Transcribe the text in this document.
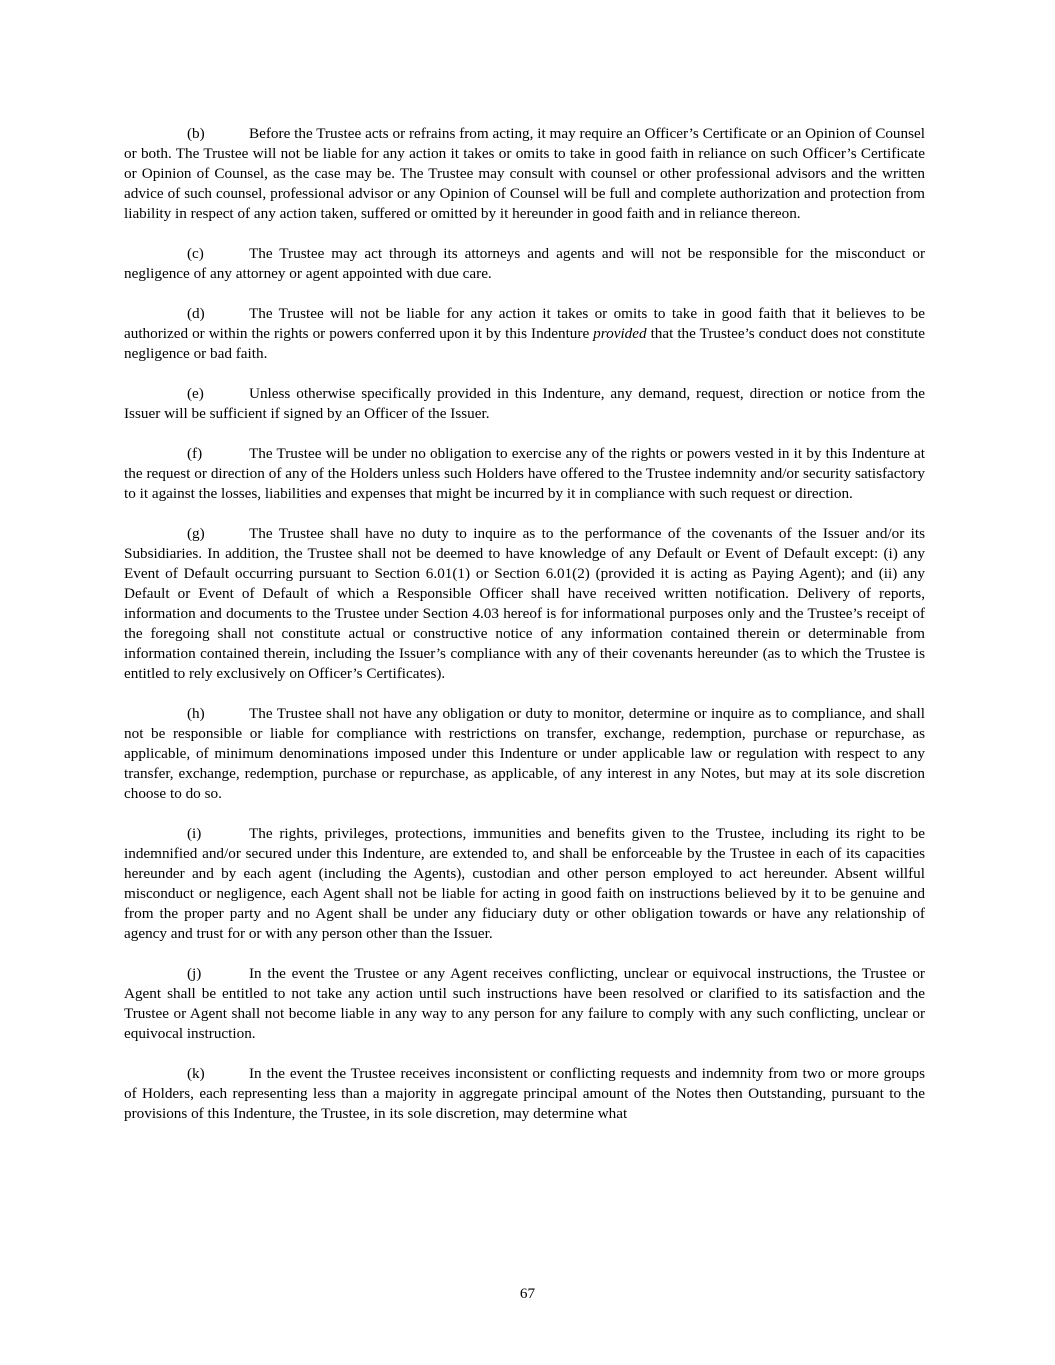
(b)	Before the Trustee acts or refrains from acting, it may require an Officer’s Certificate or an Opinion of Counsel or both. The Trustee will not be liable for any action it takes or omits to take in good faith in reliance on such Officer’s Certificate or Opinion of Counsel, as the case may be. The Trustee may consult with counsel or other professional advisors and the written advice of such counsel, professional advisor or any Opinion of Counsel will be full and complete authorization and protection from liability in respect of any action taken, suffered or omitted by it hereunder in good faith and in reliance thereon.

(c)	The Trustee may act through its attorneys and agents and will not be responsible for the misconduct or negligence of any attorney or agent appointed with due care.

(d)	The Trustee will not be liable for any action it takes or omits to take in good faith that it believes to be authorized or within the rights or powers conferred upon it by this Indenture provided that the Trustee’s conduct does not constitute negligence or bad faith.

(e)	Unless otherwise specifically provided in this Indenture, any demand, request, direction or notice from the Issuer will be sufficient if signed by an Officer of the Issuer.

(f)	The Trustee will be under no obligation to exercise any of the rights or powers vested in it by this Indenture at the request or direction of any of the Holders unless such Holders have offered to the Trustee indemnity and/or security satisfactory to it against the losses, liabilities and expenses that might be incurred by it in compliance with such request or direction.

(g)	The Trustee shall have no duty to inquire as to the performance of the covenants of the Issuer and/or its Subsidiaries. In addition, the Trustee shall not be deemed to have knowledge of any Default or Event of Default except: (i) any Event of Default occurring pursuant to Section 6.01(1) or Section 6.01(2) (provided it is acting as Paying Agent); and (ii) any Default or Event of Default of which a Responsible Officer shall have received written notification. Delivery of reports, information and documents to the Trustee under Section 4.03 hereof is for informational purposes only and the Trustee’s receipt of the foregoing shall not constitute actual or constructive notice of any information contained therein or determinable from information contained therein, including the Issuer’s compliance with any of their covenants hereunder (as to which the Trustee is entitled to rely exclusively on Officer’s Certificates).

(h)	The Trustee shall not have any obligation or duty to monitor, determine or inquire as to compliance, and shall not be responsible or liable for compliance with restrictions on transfer, exchange, redemption, purchase or repurchase, as applicable, of minimum denominations imposed under this Indenture or under applicable law or regulation with respect to any transfer, exchange, redemption, purchase or repurchase, as applicable, of any interest in any Notes, but may at its sole discretion choose to do so.

(i)	The rights, privileges, protections, immunities and benefits given to the Trustee, including its right to be indemnified and/or secured under this Indenture, are extended to, and shall be enforceable by the Trustee in each of its capacities hereunder and by each agent (including the Agents), custodian and other person employed to act hereunder. Absent willful misconduct or negligence, each Agent shall not be liable for acting in good faith on instructions believed by it to be genuine and from the proper party and no Agent shall be under any fiduciary duty or other obligation towards or have any relationship of agency and trust for or with any person other than the Issuer.

(j)	In the event the Trustee or any Agent receives conflicting, unclear or equivocal instructions, the Trustee or Agent shall be entitled to not take any action until such instructions have been resolved or clarified to its satisfaction and the Trustee or Agent shall not become liable in any way to any person for any failure to comply with any such conflicting, unclear or equivocal instruction.

(k)	In the event the Trustee receives inconsistent or conflicting requests and indemnity from two or more groups of Holders, each representing less than a majority in aggregate principal amount of the Notes then Outstanding, pursuant to the provisions of this Indenture, the Trustee, in its sole discretion, may determine what

67
